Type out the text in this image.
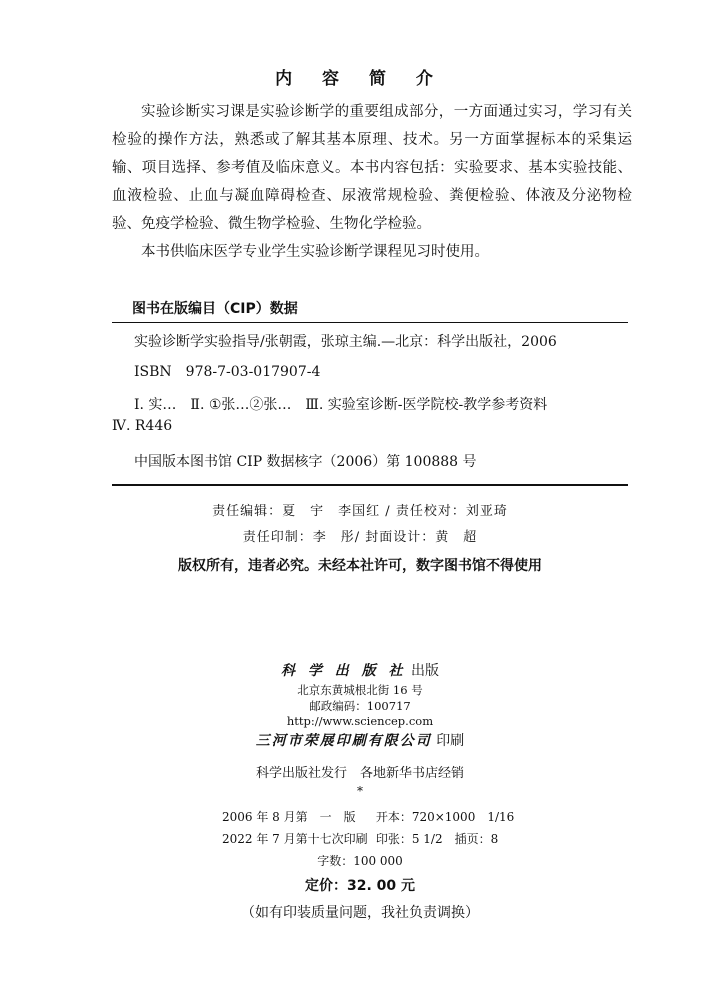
内 容 简 介

实验诊断实习课是实验诊断学的重要组成部分，一方面通过实习，学习有关检验的操作方法，熟悉或了解其基本原理、技术。另一方面掌握标本的采集运输、项目选择、参考值及临床意义。本书内容包括：实验要求、基本实验技能、血液检验、止血与凝血障碍检查、尿液常规检验、粪便检验、体液及分泌物检验、免疫学检验、微生物学检验、生物化学检验。

本书供临床医学专业学生实验诊断学课程见习时使用。

图书在版编目（CIP）数据
实验诊断学实验指导/张朝霞，张琼主编.—北京：科学出版社，2006
ISBN　978-7-03-017907-4
Ⅰ. 实…　Ⅱ. ①张…②张…　Ⅲ. 实验室诊断-医学院校-教学参考资料
Ⅳ. R446
中国版本图书馆 CIP 数据核字（2006）第 100888 号
责任编辑：夏　宇　李国红 / 责任校对：刘亚琦
责任印制：李　彤/ 封面设计：黄　超
版权所有，违者必究。未经本社许可，数字图书馆不得使用
科 学 出 版 社 出版
北京东黄城根北街 16 号
邮政编码：100717
http://www.sciencep.com
三河市荣展印刷有限公司 印刷
科学出版社发行　各地新华书店经销
*
2006 年 8 月第　一　版 开本：720×1000　1/16
2022 年 7 月第十七次印刷 印张：5 1/2　插页：8
字数：100 000
定价：32. 00 元
（如有印装质量问题，我社负责调换）
